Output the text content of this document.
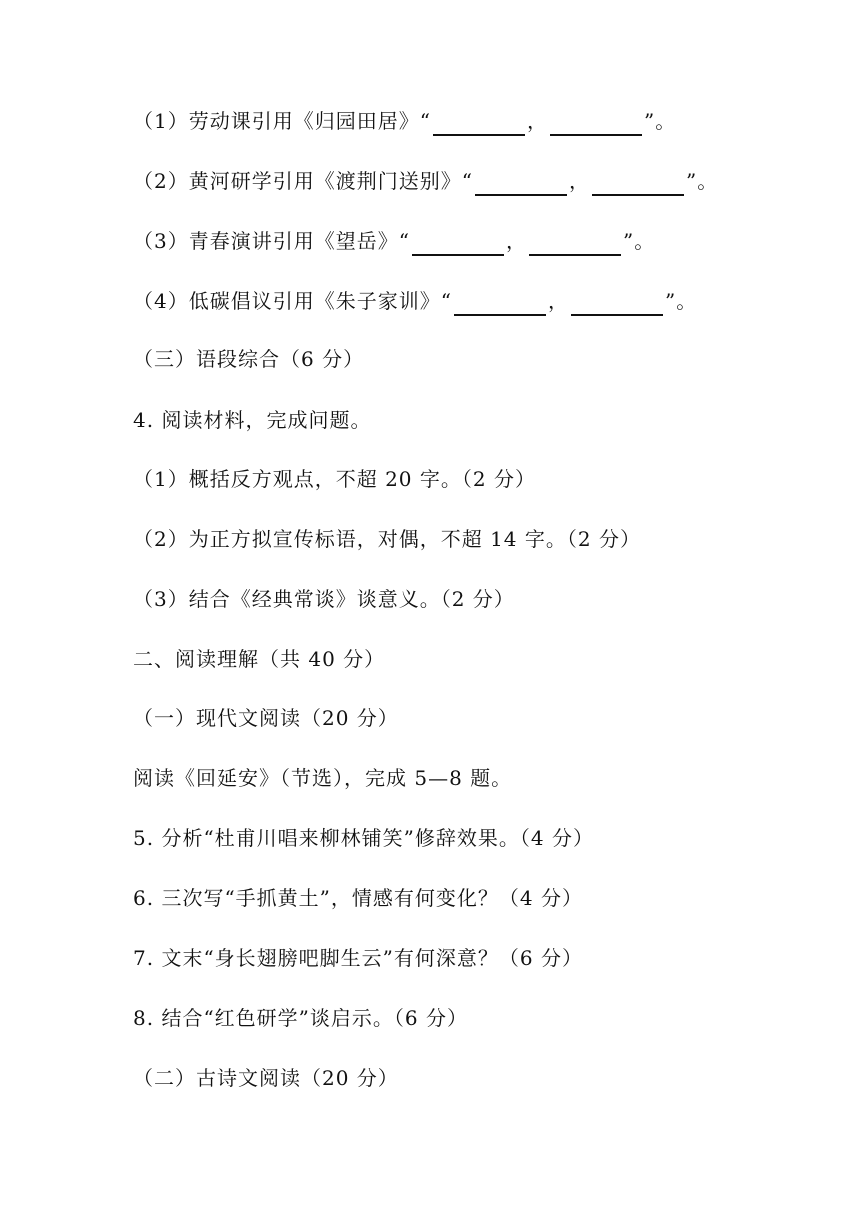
（1）劳动课引用《归园田居》“	，	”。
（2）黄河研学引用《渡荆门送别》“	，	”。
（3）青春演讲引用《望岳》“	，	”。
（4）低碳倡议引用《朱子家训》“	，	”。
（三）语段综合（6 分）
4. 阅读材料，完成问题。
（1）概括反方观点，不超 20 字。（2 分）
（2）为正方拟宣传标语，对偶，不超 14 字。（2 分）
（3）结合《经典常谈》谈意义。（2 分）
二、阅读理解（共 40 分）
（一）现代文阅读（20 分）
阅读《回延安》（节选），完成 5—8 题。
5. 分析“杜甫川唱来柳林铺笑”修辞效果。（4 分）
6. 三次写“手抓黄土”，情感有何变化？（4 分）
7. 文末“身长翅膀吧脚生云”有何深意？（6 分）
8. 结合“红色研学”谈启示。（6 分）
（二）古诗文阅读（20 分）
